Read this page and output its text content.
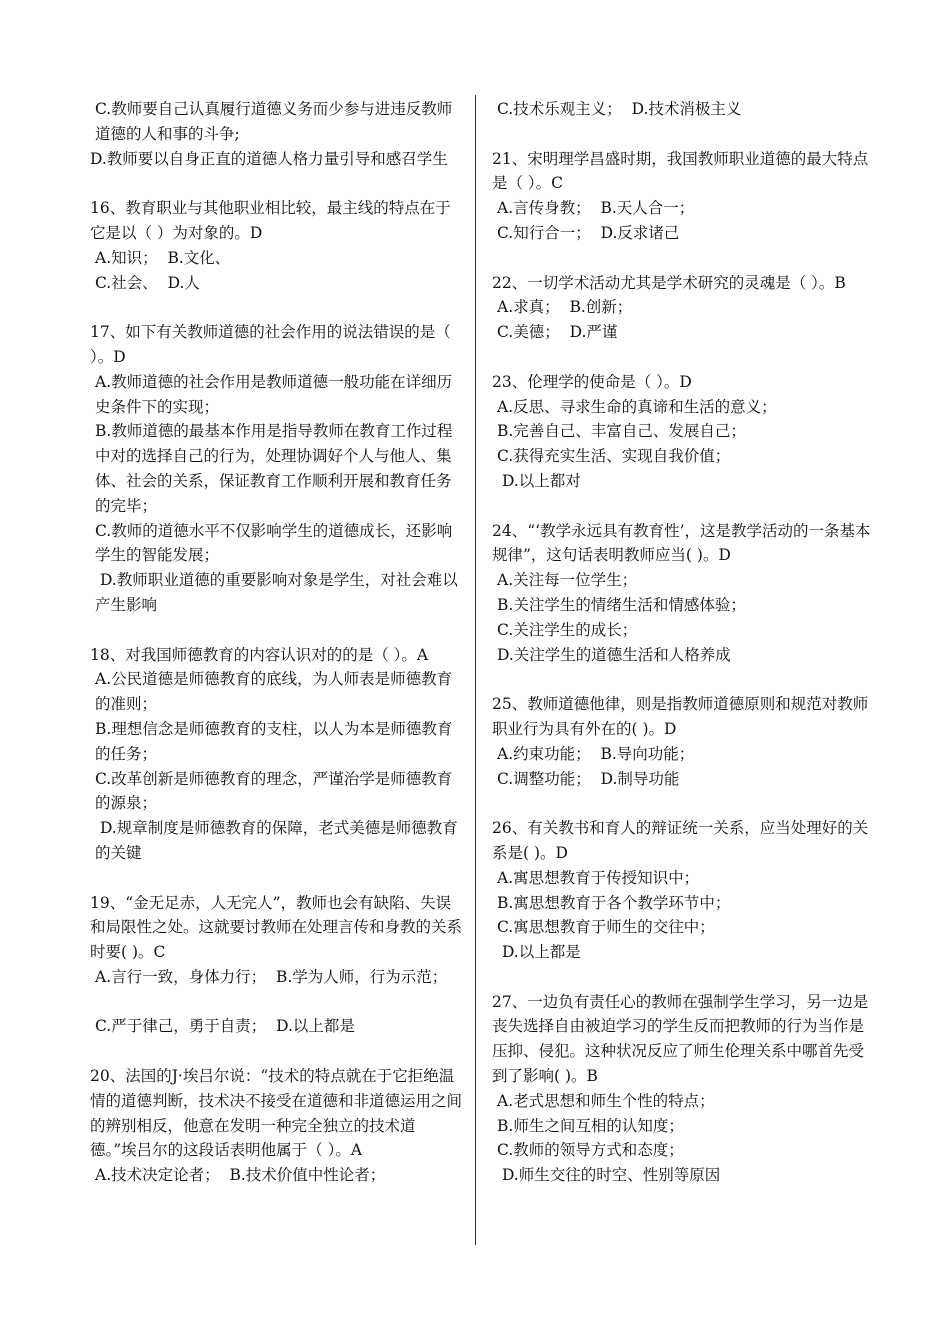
C.教师要自己认真履行道德义务而少参与进违反教师道德的人和事的斗争;

D.教师要以自身正直的道德人格力量引导和感召学生

16、教育职业与其他职业相比较，最主线的特点在于它是以（ ）为对象的。D

A.知识；  B.文化、

C.社会、  D.人

17、如下有关教师道德的社会作用的说法错误的是（ ）。D

A.教师道德的社会作用是教师道德一般功能在详细历史条件下的实现；

B.教师道德的最基本作用是指导教师在教育工作过程中对的选择自己的行为，处理协调好个人与他人、集体、社会的关系，保证教育工作顺利开展和教育任务的完毕；

C.教师的道德水平不仅影响学生的道德成长，还影响学生的智能发展；

D.教师职业道德的重要影响对象是学生，对社会难以产生影响

18、对我国师德教育的内容认识对的的是（ ）。A

A.公民道德是师德教育的底线，为人师表是师德教育的准则；

B.理想信念是师德教育的支柱，以人为本是师德教育的任务；

C.改革创新是师德教育的理念，严谨治学是师德教育的源泉；

D.规章制度是师德教育的保障，老式美德是师德教育的关键

19、“金无足赤，人无完人”，教师也会有缺陷、失误和局限性之处。这就要讨教师在处理言传和身教的关系时要( )。C

A.言行一致，身体力行；  B.学为人师，行为示范；

C.严于律己，勇于自责；  D.以上都是

20、法国的J·埃吕尔说：“技术的特点就在于它拒绝温情的道德判断，技术决不接受在道德和非道德运用之间的辨别相反，他意在发明一种完全独立的技术道德。”埃吕尔的这段话表明他属于（ ）。A

A.技术决定论者；  B.技术价值中性论者；

C.技术乐观主义；  D.技术消极主义

21、宋明理学昌盛时期，我国教师职业道德的最大特点是（ ）。C

A.言传身教；  B.天人合一；

C.知行合一；  D.反求诸己

22、一切学术活动尤其是学术研究的灵魂是（ ）。B

A.求真；  B.创新；

C.美德；  D.严谨

23、伦理学的使命是（ ）。D

A.反思、寻求生命的真谛和生活的意义；

B.完善自己、丰富自己、发展自己；

C.获得充实生活、实现自我价值；

D.以上都对

24、“‘教学永远具有教育性’，这是教学活动的一条基本规律”，这句话表明教师应当( )。D

A.关注每一位学生；

B.关注学生的情绪生活和情感体验；

C.关注学生的成长；

D.关注学生的道德生活和人格养成

25、教师道德他律，则是指教师道德原则和规范对教师职业行为具有外在的( )。D

A.约束功能；  B.导向功能；

C.调整功能；  D.制导功能

26、有关教书和育人的辩证统一关系，应当处理好的关系是( )。D

A.寓思想教育于传授知识中；

B.寓思想教育于各个教学环节中；

C.寓思想教育于师生的交往中；

D.以上都是

27、一边负有责任心的教师在强制学生学习，另一边是丧失选择自由被迫学习的学生反而把教师的行为当作是压抑、侵犯。这种状况反应了师生伦理关系中哪首先受到了影响( )。B

A.老式思想和师生个性的特点；

B.师生之间互相的认知度；

C.教师的领导方式和态度；

D.师生交往的时空、性别等原因
